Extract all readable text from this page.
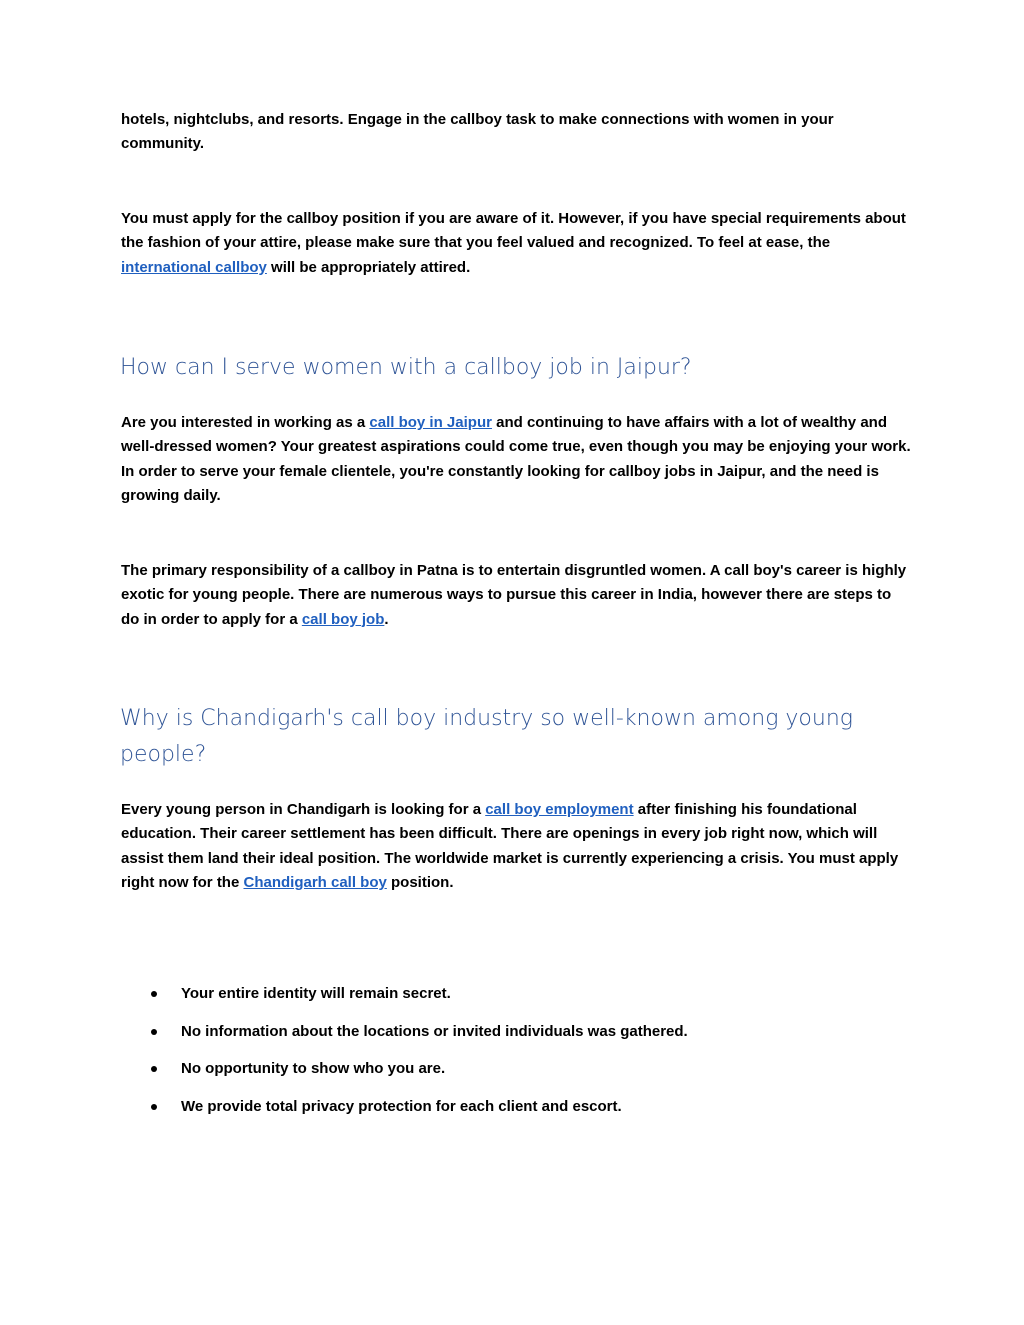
hotels, nightclubs, and resorts. Engage in the callboy task to make connections with women in your community.

You must apply for the callboy position if you are aware of it. However, if you have special requirements about the fashion of your attire, please make sure that you feel valued and recognized. To feel at ease, the international callboy will be appropriately attired.

How can I serve women with a callboy job in Jaipur?

Are you interested in working as a call boy in Jaipur and continuing to have affairs with a lot of wealthy and well-dressed women? Your greatest aspirations could come true, even though you may be enjoying your work. In order to serve your female clientele, you're constantly looking for callboy jobs in Jaipur, and the need is growing daily.

The primary responsibility of a callboy in Patna is to entertain disgruntled women. A call boy's career is highly exotic for young people. There are numerous ways to pursue this career in India, however there are steps to do in order to apply for a call boy job.

Why is Chandigarh's call boy industry so well-known among young people?

Every young person in Chandigarh is looking for a call boy employment after finishing his foundational education. Their career settlement has been difficult. There are openings in every job right now, which will assist them land their ideal position. The worldwide market is currently experiencing a crisis. You must apply right now for the Chandigarh call boy position.

Your entire identity will remain secret.
No information about the locations or invited individuals was gathered.
No opportunity to show who you are.
We provide total privacy protection for each client and escort.
